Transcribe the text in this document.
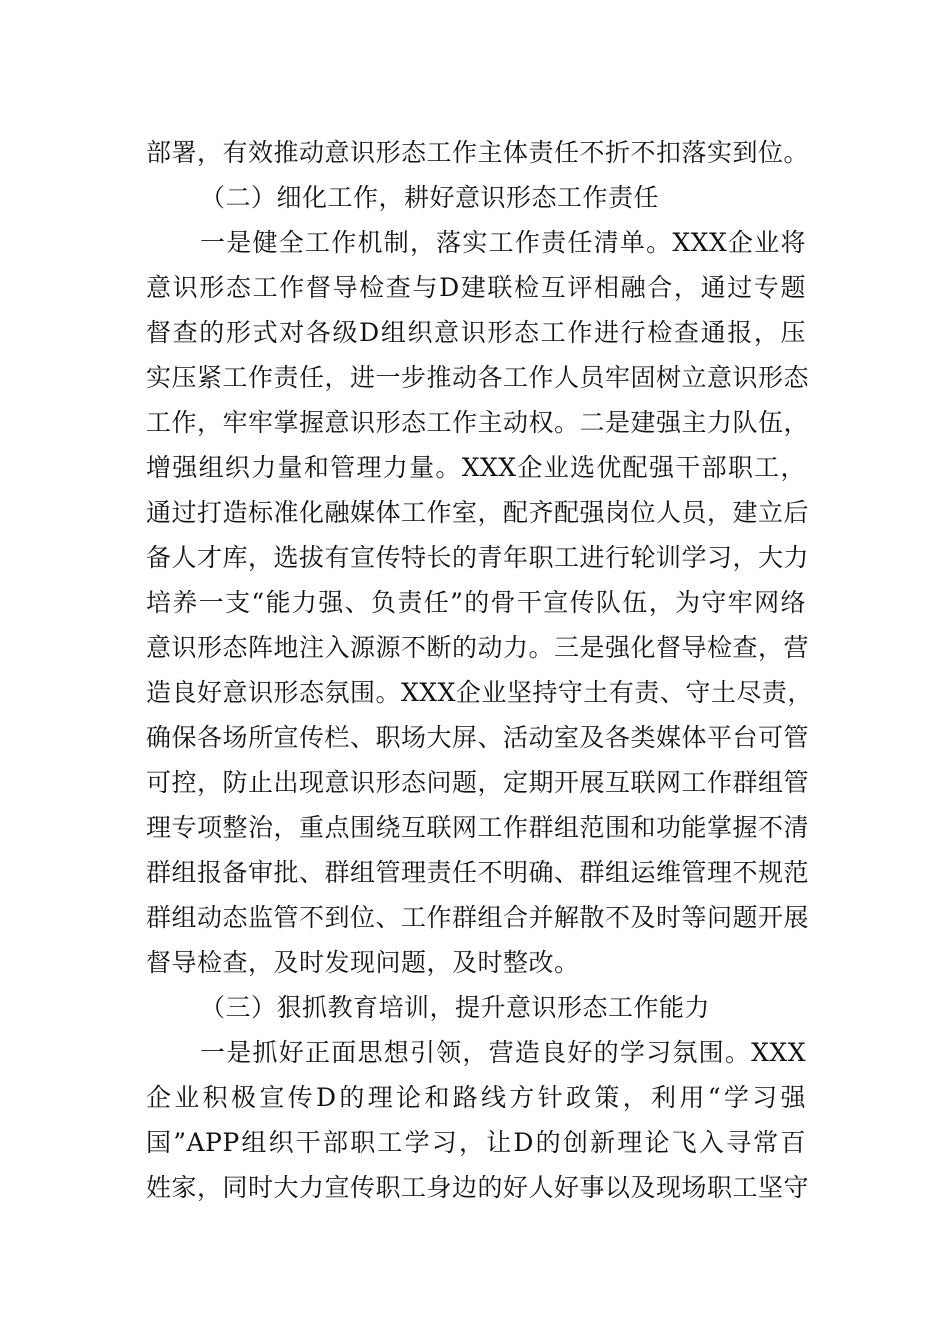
部署，有效推动意识形态工作主体责任不折不扣落实到位。
（二）细化工作，耕好意识形态工作责任
一是健全工作机制，落实工作责任清单。XXX企业将
意识形态工作督导检查与D建联检互评相融合，通过专题
督查的形式对各级D组织意识形态工作进行检查通报，压
实压紧工作责任，进一步推动各工作人员牢固树立意识形态
工作，牢牢掌握意识形态工作主动权。二是建强主力队伍，
增强组织力量和管理力量。XXX企业选优配强干部职工，
通过打造标准化融媒体工作室，配齐配强岗位人员，建立后
备人才库，选拔有宣传特长的青年职工进行轮训学习，大力
培养一支“能力强、负责任”的骨干宣传队伍，为守牢网络
意识形态阵地注入源源不断的动力。三是强化督导检查，营
造良好意识形态氛围。XXX企业坚持守土有责、守土尽责，
确保各场所宣传栏、职场大屏、活动室及各类媒体平台可管
可控，防止出现意识形态问题，定期开展互联网工作群组管
理专项整治，重点围绕互联网工作群组范围和功能掌握不清
群组报备审批、群组管理责任不明确、群组运维管理不规范
群组动态监管不到位、工作群组合并解散不及时等问题开展
督导检查，及时发现问题，及时整改。
（三）狠抓教育培训，提升意识形态工作能力
一是抓好正面思想引领，营造良好的学习氛围。XXX
企业积极宣传D的理论和路线方针政策，利用“学习强
国”APP组织干部职工学习，让D的创新理论飞入寻常百
姓家，同时大力宣传职工身边的好人好事以及现场职工坚守
